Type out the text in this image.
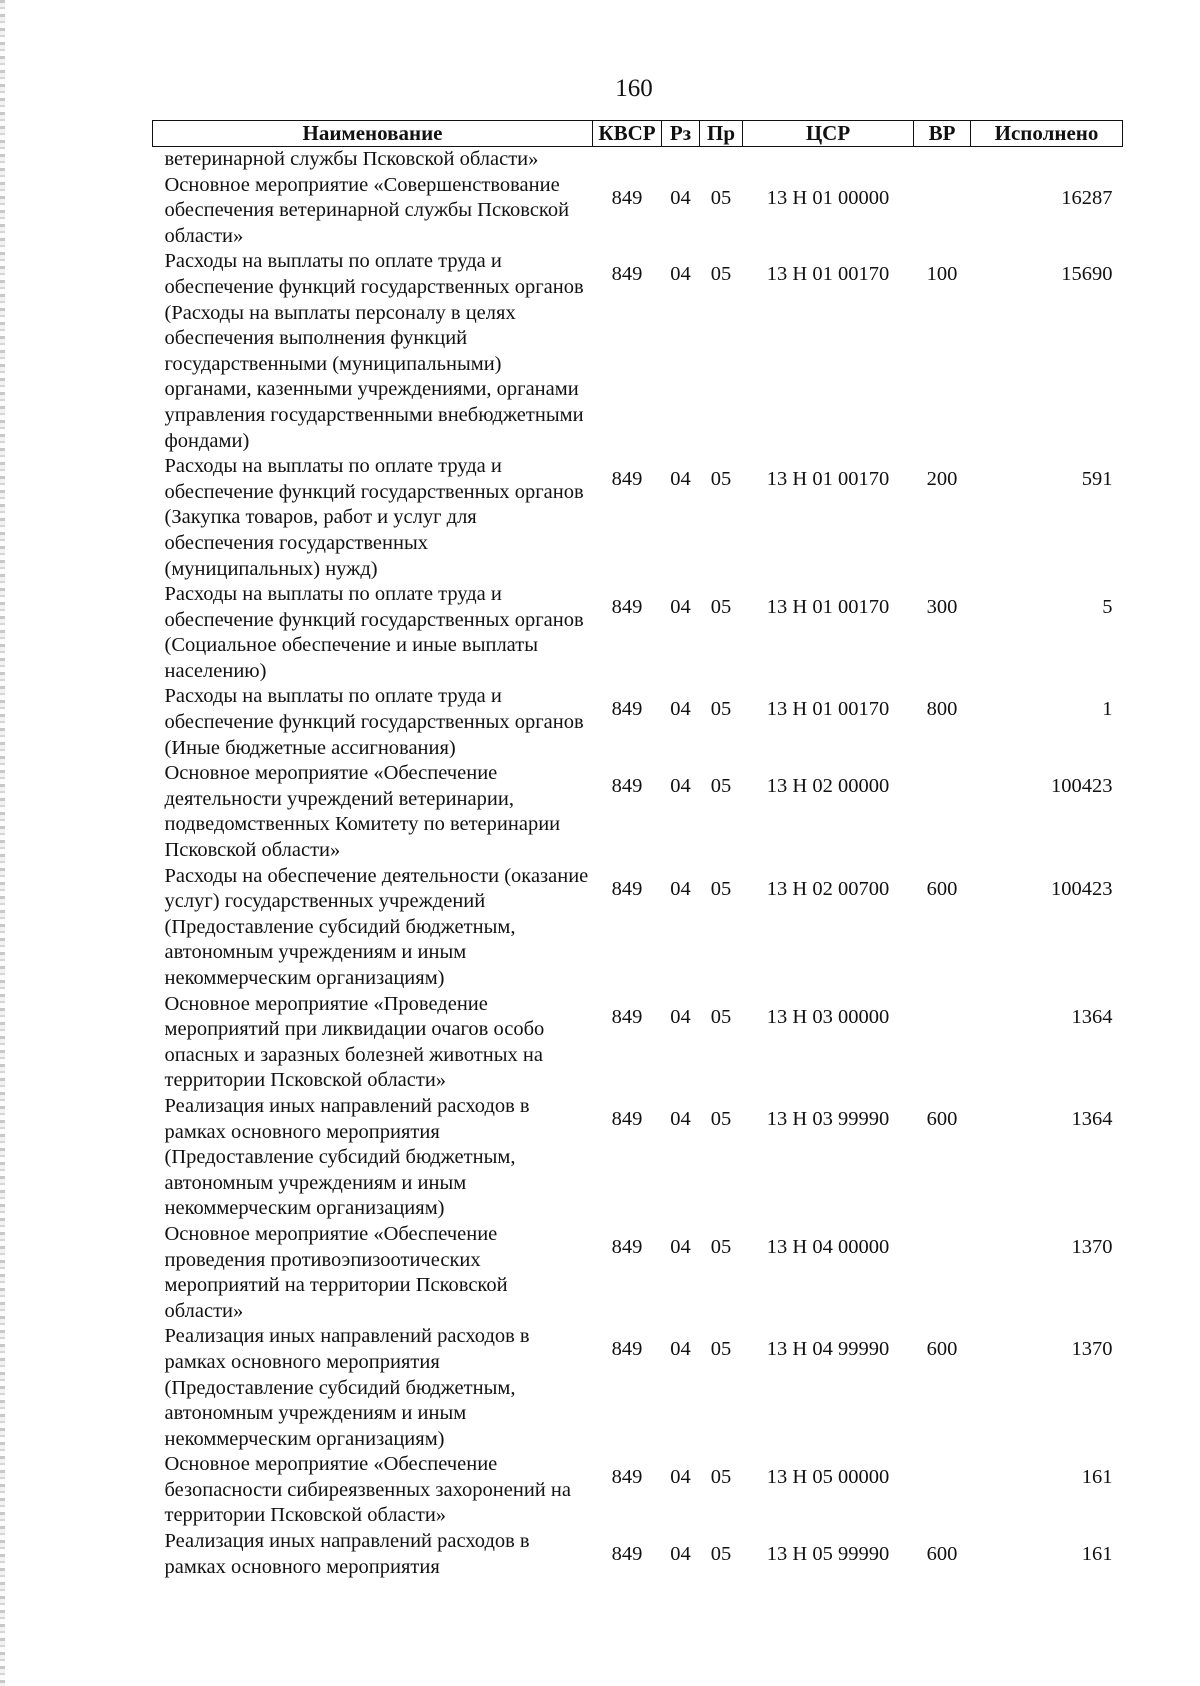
160
Наименование	КВСР	Рз	Пр	ЦСР	ВР	Исполнено
ветеринарной службы Псковской области»						
Основное мероприятие «Совершенствование обеспечения ветеринарной службы Псковской области»	849	04	05	13 Н 01 00000		16287
Расходы на выплаты по оплате труда и обеспечение функций государственных органов (Расходы на выплаты персоналу в целях обеспечения выполнения функций государственными (муниципальными) органами, казенными учреждениями, органами управления государственными внебюджетными фондами)	849	04	05	13 Н 01 00170	100	15690
Расходы на выплаты по оплате труда и обеспечение функций государственных органов (Закупка товаров, работ и услуг для обеспечения государственных (муниципальных) нужд)	849	04	05	13 Н 01 00170	200	591
Расходы на выплаты по оплате труда и обеспечение функций государственных органов (Социальное обеспечение и иные выплаты населению)	849	04	05	13 Н 01 00170	300	5
Расходы на выплаты по оплате труда и обеспечение функций государственных органов (Иные бюджетные ассигнования)	849	04	05	13 Н 01 00170	800	1
Основное мероприятие «Обеспечение деятельности учреждений ветеринарии, подведомственных Комитету по ветеринарии Псковской области»	849	04	05	13 Н 02 00000		100423
Расходы на обеспечение деятельности (оказание услуг) государственных учреждений (Предоставление субсидий бюджетным, автономным учреждениям и иным некоммерческим организациям)	849	04	05	13 Н 02 00700	600	100423
Основное мероприятие «Проведение мероприятий при ликвидации очагов особо опасных и заразных болезней животных на территории Псковской области»	849	04	05	13 Н 03 00000		1364
Реализация иных направлений расходов в рамках основного мероприятия (Предоставление субсидий бюджетным, автономным учреждениям и иным некоммерческим организациям)	849	04	05	13 Н 03 99990	600	1364
Основное мероприятие «Обеспечение проведения противоэпизоотических мероприятий на территории Псковской области»	849	04	05	13 Н 04 00000		1370
Реализация иных направлений расходов в рамках основного мероприятия (Предоставление субсидий бюджетным, автономным учреждениям и иным некоммерческим организациям)	849	04	05	13 Н 04 99990	600	1370
Основное мероприятие «Обеспечение безопасности сибиреязвенных захоронений на территории Псковской области»	849	04	05	13 Н 05 00000		161
Реализация иных направлений расходов в рамках основного мероприятия	849	04	05	13 Н 05 99990	600	161
